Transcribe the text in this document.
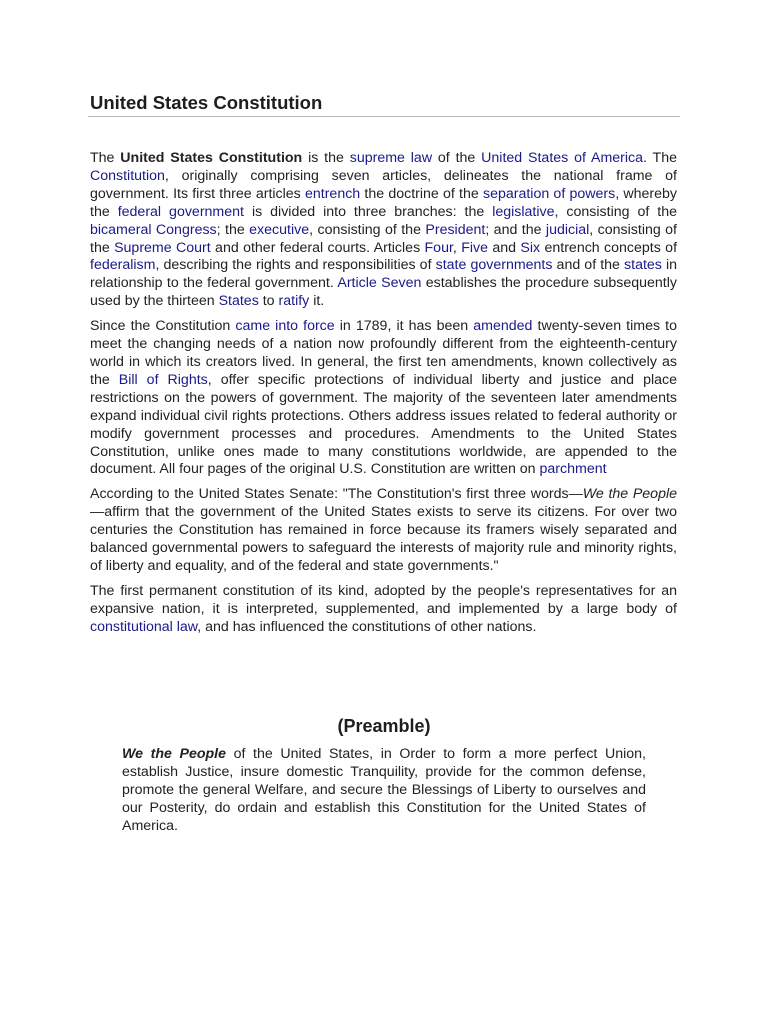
United States Constitution

The United States Constitution is the supreme law of the United States of America. The Constitution, originally comprising seven articles, delineates the national frame of government. Its first three articles entrench the doctrine of the separation of powers, whereby the federal government is divided into three branches: the legislative, consisting of the bicameral Congress; the executive, consisting of the President; and the judicial, consisting of the Supreme Court and other federal courts. Articles Four, Five and Six entrench concepts of federalism, describing the rights and responsibilities of state governments and of the states in relationship to the federal government. Article Seven establishes the procedure subsequently used by the thirteen States to ratify it.

Since the Constitution came into force in 1789, it has been amended twenty-seven times to meet the changing needs of a nation now profoundly different from the eighteenth-century world in which its creators lived. In general, the first ten amendments, known collectively as the Bill of Rights, offer specific protections of individual liberty and justice and place restrictions on the powers of government. The majority of the seventeen later amendments expand individual civil rights protections. Others address issues related to federal authority or modify government processes and procedures. Amendments to the United States Constitution, unlike ones made to many constitutions worldwide, are appended to the document. All four pages of the original U.S. Constitution are written on parchment

According to the United States Senate: "The Constitution's first three words—We the People—affirm that the government of the United States exists to serve its citizens. For over two centuries the Constitution has remained in force because its framers wisely separated and balanced governmental powers to safeguard the interests of majority rule and minority rights, of liberty and equality, and of the federal and state governments."

The first permanent constitution of its kind, adopted by the people's representatives for an expansive nation, it is interpreted, supplemented, and implemented by a large body of constitutional law, and has influenced the constitutions of other nations.

(Preamble)

We the People of the United States, in Order to form a more perfect Union, establish Justice, insure domestic Tranquility, provide for the common defense, promote the general Welfare, and secure the Blessings of Liberty to ourselves and our Posterity, do ordain and establish this Constitution for the United States of America.
